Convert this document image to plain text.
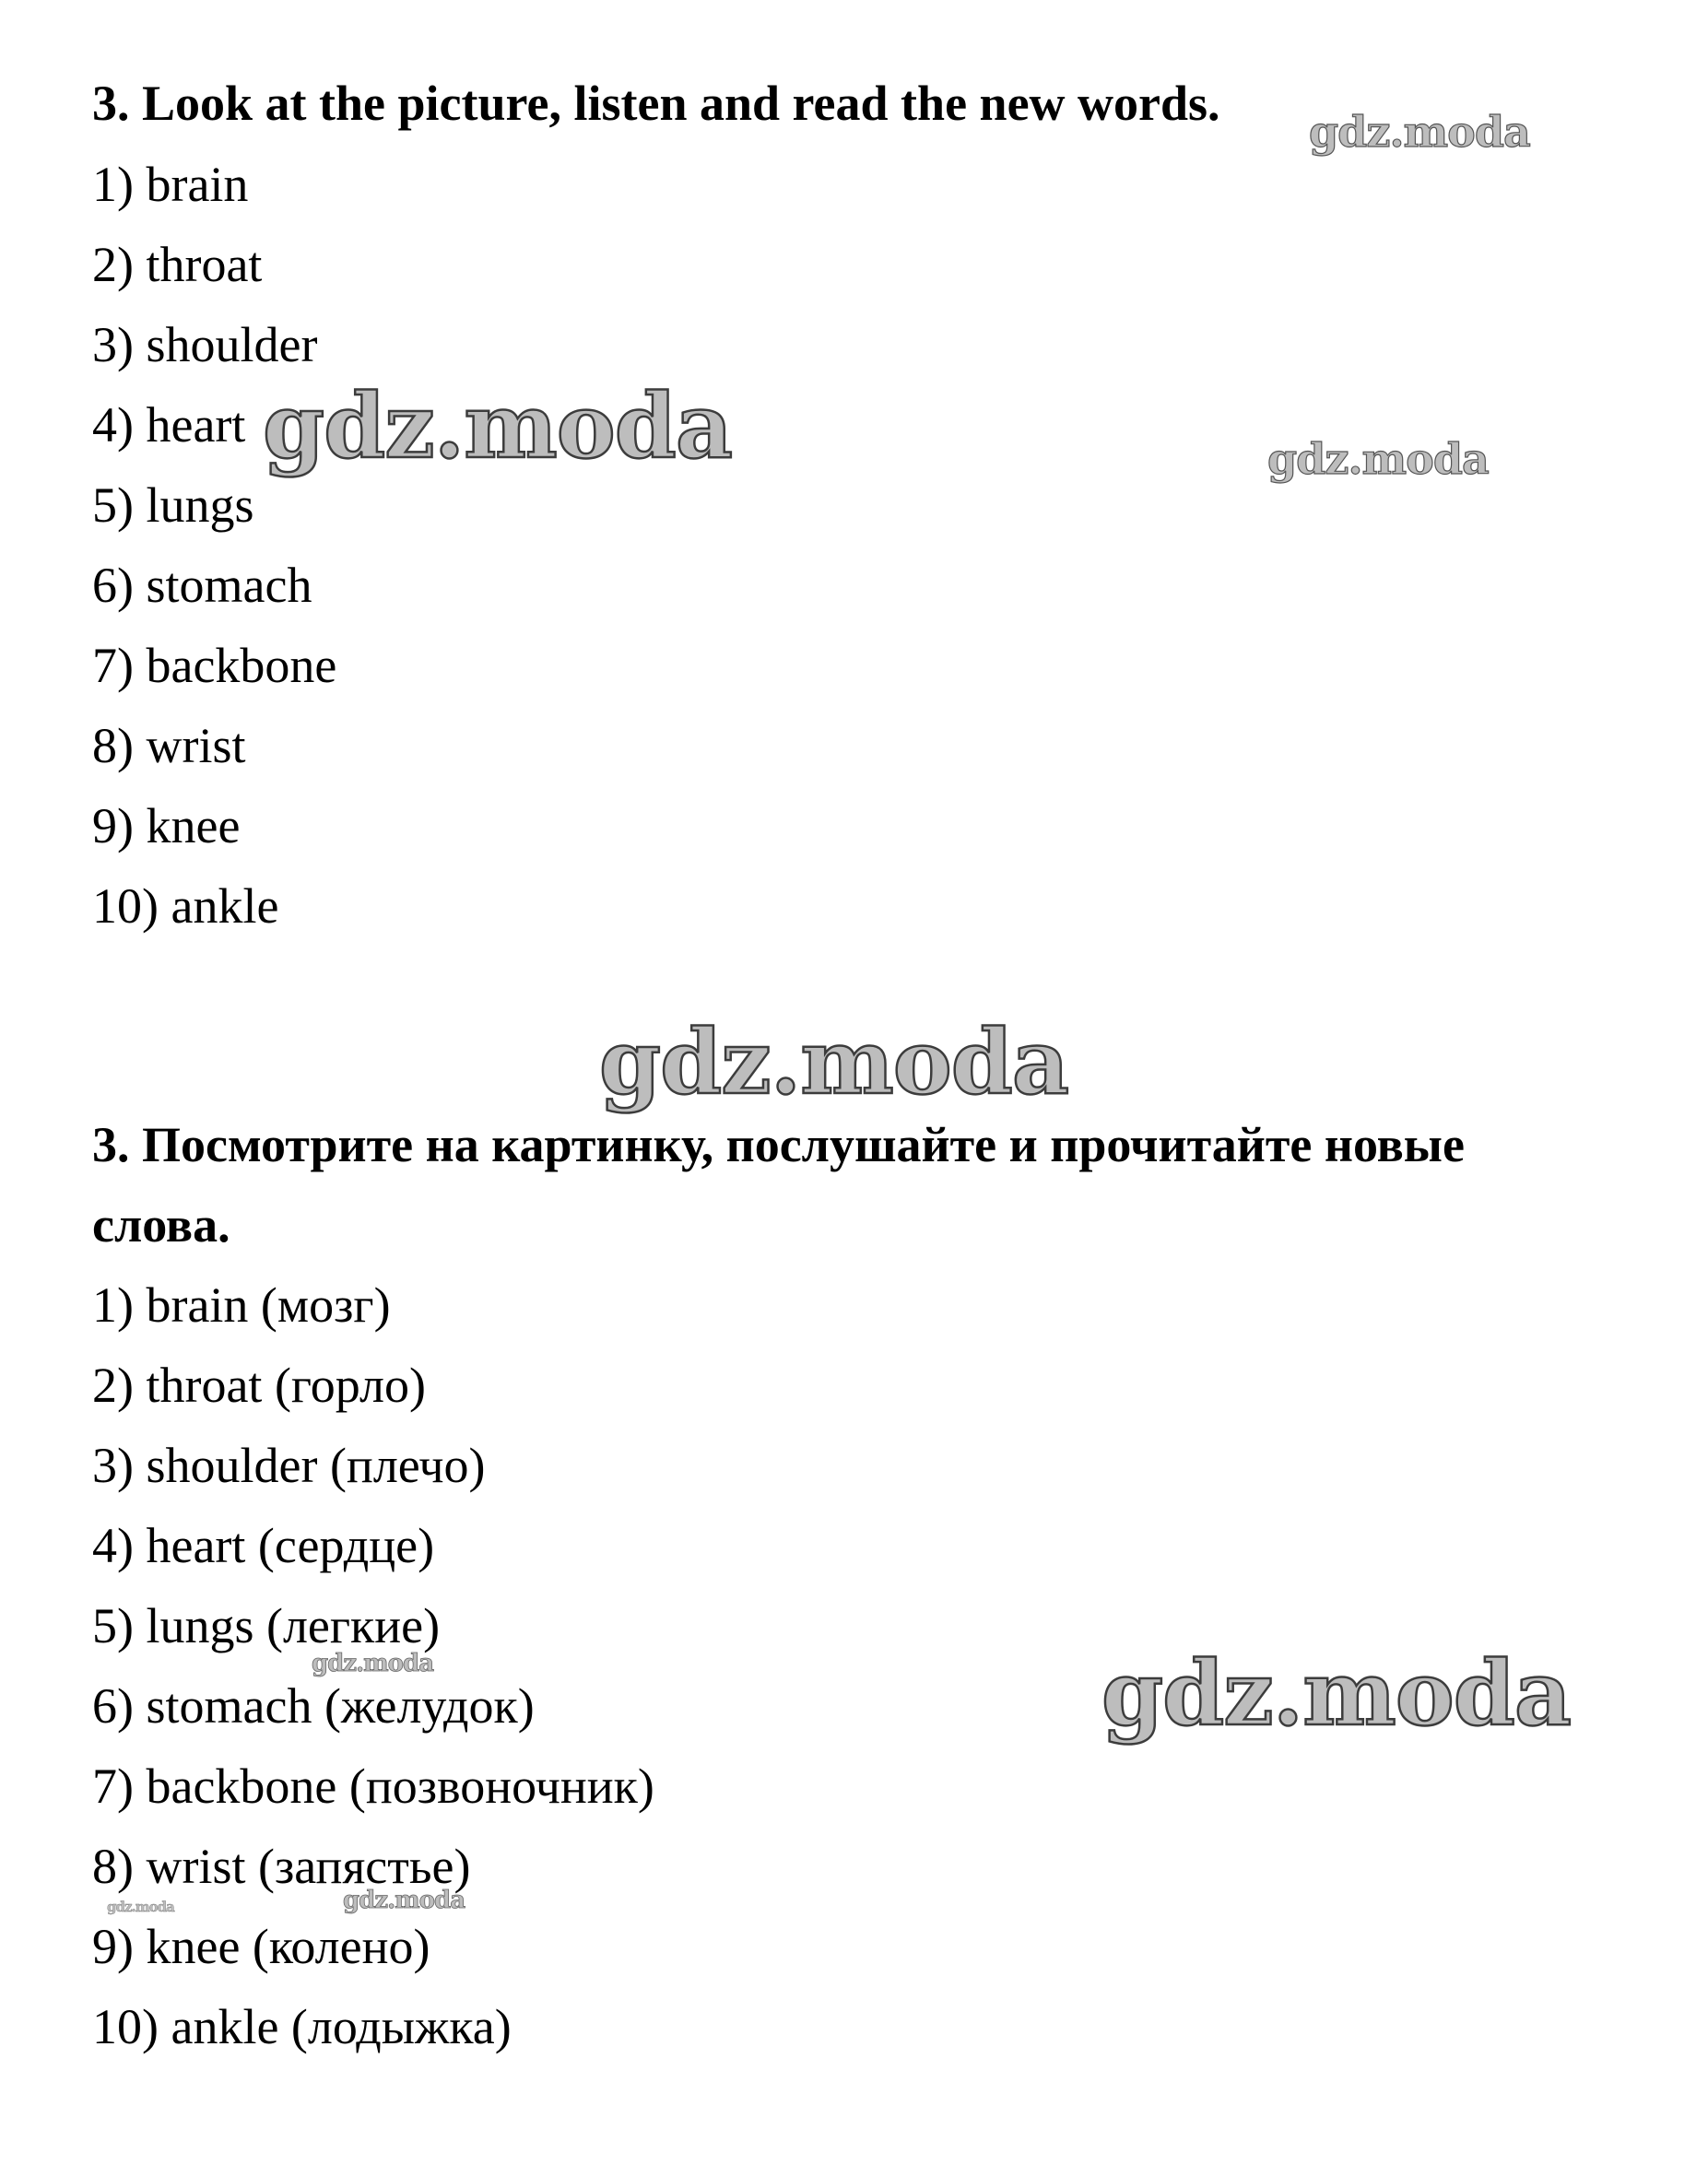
3. Look at the picture, listen and read the new words.
1) brain
2) throat
3) shoulder
4) heart
5) lungs
6) stomach
7) backbone
8) wrist
9) knee
10) ankle
3. Посмотрите на картинку, послушайте и прочитайте новые
слова.
1) brain (мозг)
2) throat (горло)
3) shoulder (плечо)
4) heart (сердце)
5) lungs (легкие)
6) stomach (желудок)
7) backbone (позвоночник)
8) wrist (запястье)
9) knee (колено)
10) ankle (лодыжка)
gdz.moda
gdz.moda	gdz.moda
gdz.moda
gdz.moda	gdz.moda
gdz.moda
gdz.moda
